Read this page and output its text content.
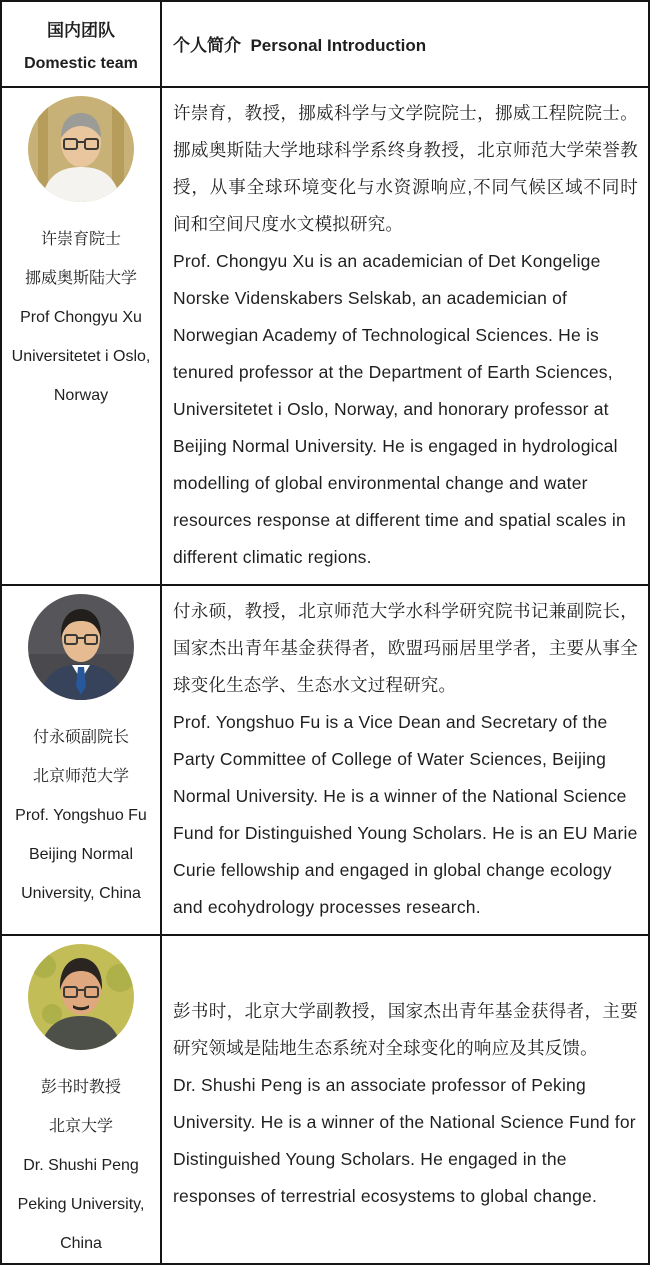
国内团队
Domestic team
个人简介  Personal Introduction
许崇育院士
挪威奥斯陆大学
Prof Chongyu Xu
Universitetet i Oslo,
Norway

许崇育，教授，挪威科学与文学院院士，挪威工程院院士。挪威奥斯陆大学地球科学系终身教授，北京师范大学荣誉教授，从事全球环境变化与水资源响应,不同气候区域不同时间和空间尺度水文模拟研究。

Prof. Chongyu Xu is an academician of Det Kongelige Norske Videnskabers Selskab, an academician of Norwegian Academy of Technological Sciences. He is tenured professor at the Department of Earth Sciences, Universitetet i Oslo, Norway, and honorary professor at Beijing Normal University. He is engaged in hydrological modelling of global environmental change and water resources response at different time and spatial scales in different climatic regions.

付永硕副院长
北京师范大学
Prof. Yongshuo Fu
Beijing Normal
University, China

付永硕，教授，北京师范大学水科学研究院书记兼副院长，国家杰出青年基金获得者，欧盟玛丽居里学者，主要从事全球变化生态学、生态水文过程研究。

Prof. Yongshuo Fu is a Vice Dean and Secretary of the Party Committee of College of Water Sciences, Beijing Normal University. He is a winner of the National Science Fund for Distinguished Young Scholars. He is an EU Marie Curie fellowship and engaged in global change ecology and ecohydrology processes research.

彭书时教授
北京大学
Dr. Shushi Peng
Peking University,
China

彭书时，北京大学副教授，国家杰出青年基金获得者，主要研究领域是陆地生态系统对全球变化的响应及其反馈。

Dr. Shushi Peng is an associate professor of Peking University. He is a winner of the National Science Fund for Distinguished Young Scholars. He engaged in the responses of terrestrial ecosystems to global change.
